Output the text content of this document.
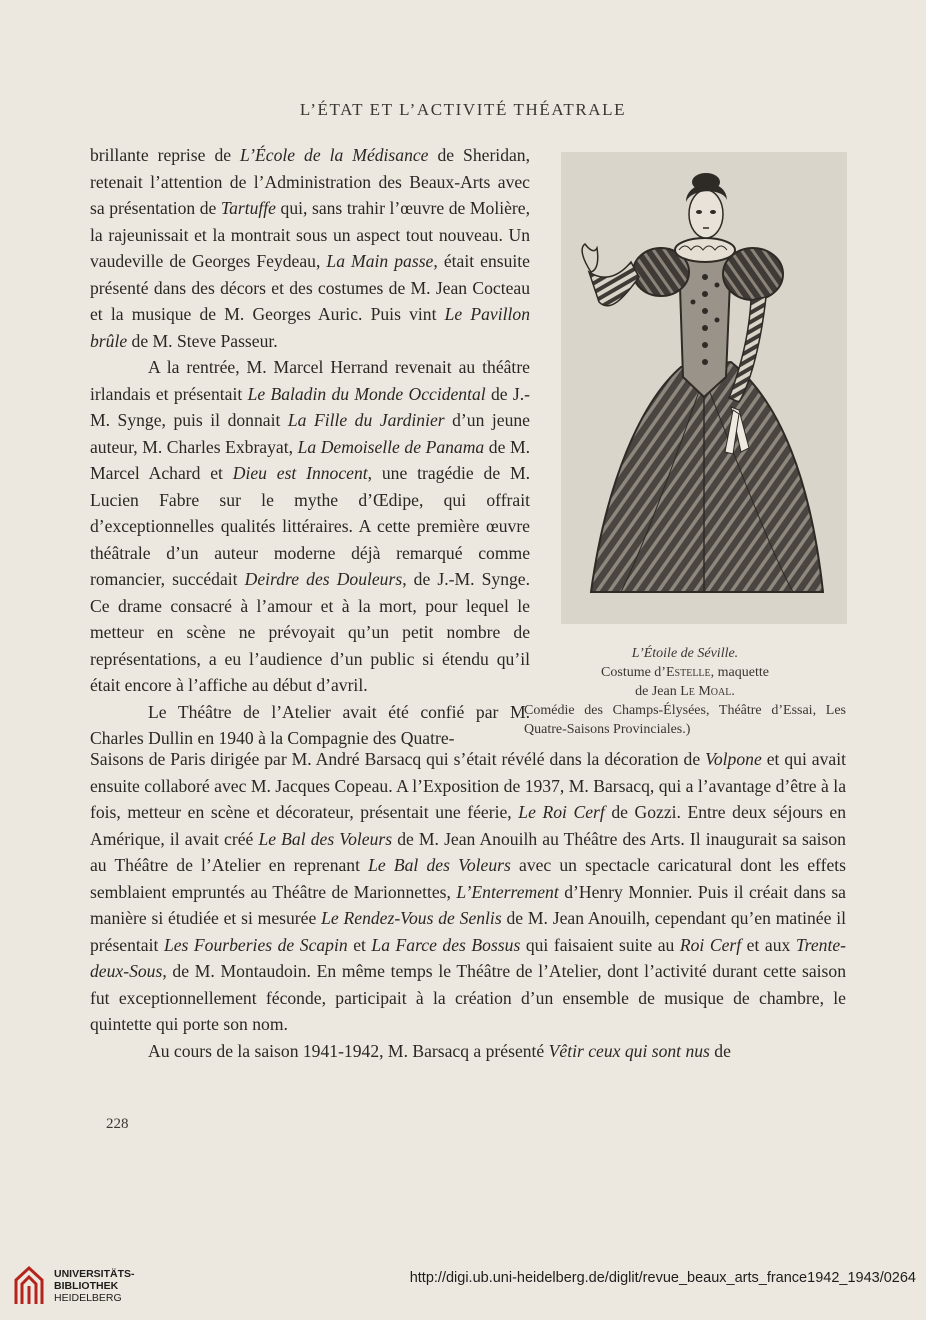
L’ÉTAT ET L’ACTIVITÉ THÉATRALE

brillante reprise de L’École de la Médisance de Sheridan, retenait l’attention de l’Administration des Beaux-Arts avec sa présentation de Tartuffe qui, sans trahir l’œuvre de Molière, la rajeunissait et la montrait sous un aspect tout nouveau. Un vaudeville de Georges Feydeau, La Main passe, était ensuite présenté dans des décors et des costumes de M. Jean Cocteau et la musique de M. Georges Auric. Puis vint Le Pavillon brûle de M. Steve Passeur.

A la rentrée, M. Marcel Herrand revenait au théâtre irlandais et présentait Le Baladin du Monde Occidental de J.-M. Synge, puis il donnait La Fille du Jardinier d’un jeune auteur, M. Charles Exbrayat, La Demoiselle de Panama de M. Marcel Achard et Dieu est Innocent, une tragédie de M. Lucien Fabre sur le mythe d’Œdipe, qui offrait d’exceptionnelles qualités littéraires. A cette première œuvre théâtrale d’un auteur moderne déjà remarqué comme romancier, succédait Deirdre des Douleurs, de J.-M. Synge. Ce drame consacré à l’amour et à la mort, pour lequel le metteur en scène ne prévoyait qu’un petit nombre de représentations, a eu l’audience d’un public si étendu qu’il était encore à l’affiche au début d’avril.

Le Théâtre de l’Atelier avait été confié par M. Charles Dullin en 1940 à la Compagnie des Quatre-

L’Étoile de Séville.
Costume d’Estelle, maquette
de Jean Le Moal.
Comédie des Champs-Élysées, Théâtre d’Essai, Les Quatre-Saisons Provinciales.)

Saisons de Paris dirigée par M. André Barsacq qui s’était révélé dans la décoration de Volpone et qui avait ensuite collaboré avec M. Jacques Copeau. A l’Exposition de 1937, M. Barsacq, qui a l’avantage d’être à la fois, metteur en scène et décorateur, présentait une féerie, Le Roi Cerf de Gozzi. Entre deux séjours en Amérique, il avait créé Le Bal des Voleurs de M. Jean Anouilh au Théâtre des Arts. Il inaugurait sa saison au Théâtre de l’Atelier en reprenant Le Bal des Voleurs avec un spectacle caricatural dont les effets semblaient empruntés au Théâtre de Marionnettes, L’Enterrement d’Henry Monnier. Puis il créait dans sa manière si étudiée et si mesurée Le Rendez-Vous de Senlis de M. Jean Anouilh, cependant qu’en matinée il présentait Les Fourberies de Scapin et La Farce des Bossus qui faisaient suite au Roi Cerf et aux Trente-deux-Sous, de M. Montaudoin. En même temps le Théâtre de l’Atelier, dont l’activité durant cette saison fut exceptionnellement féconde, participait à la création d’un ensemble de musique de chambre, le quintette qui porte son nom.

Au cours de la saison 1941-1942, M. Barsacq a présenté Vêtir ceux qui sont nus de

228
UNIVERSITÄTS-
BIBLIOTHEK
HEIDELBERG
http://digi.ub.uni-heidelberg.de/diglit/revue_beaux_arts_france1942_1943/0264
